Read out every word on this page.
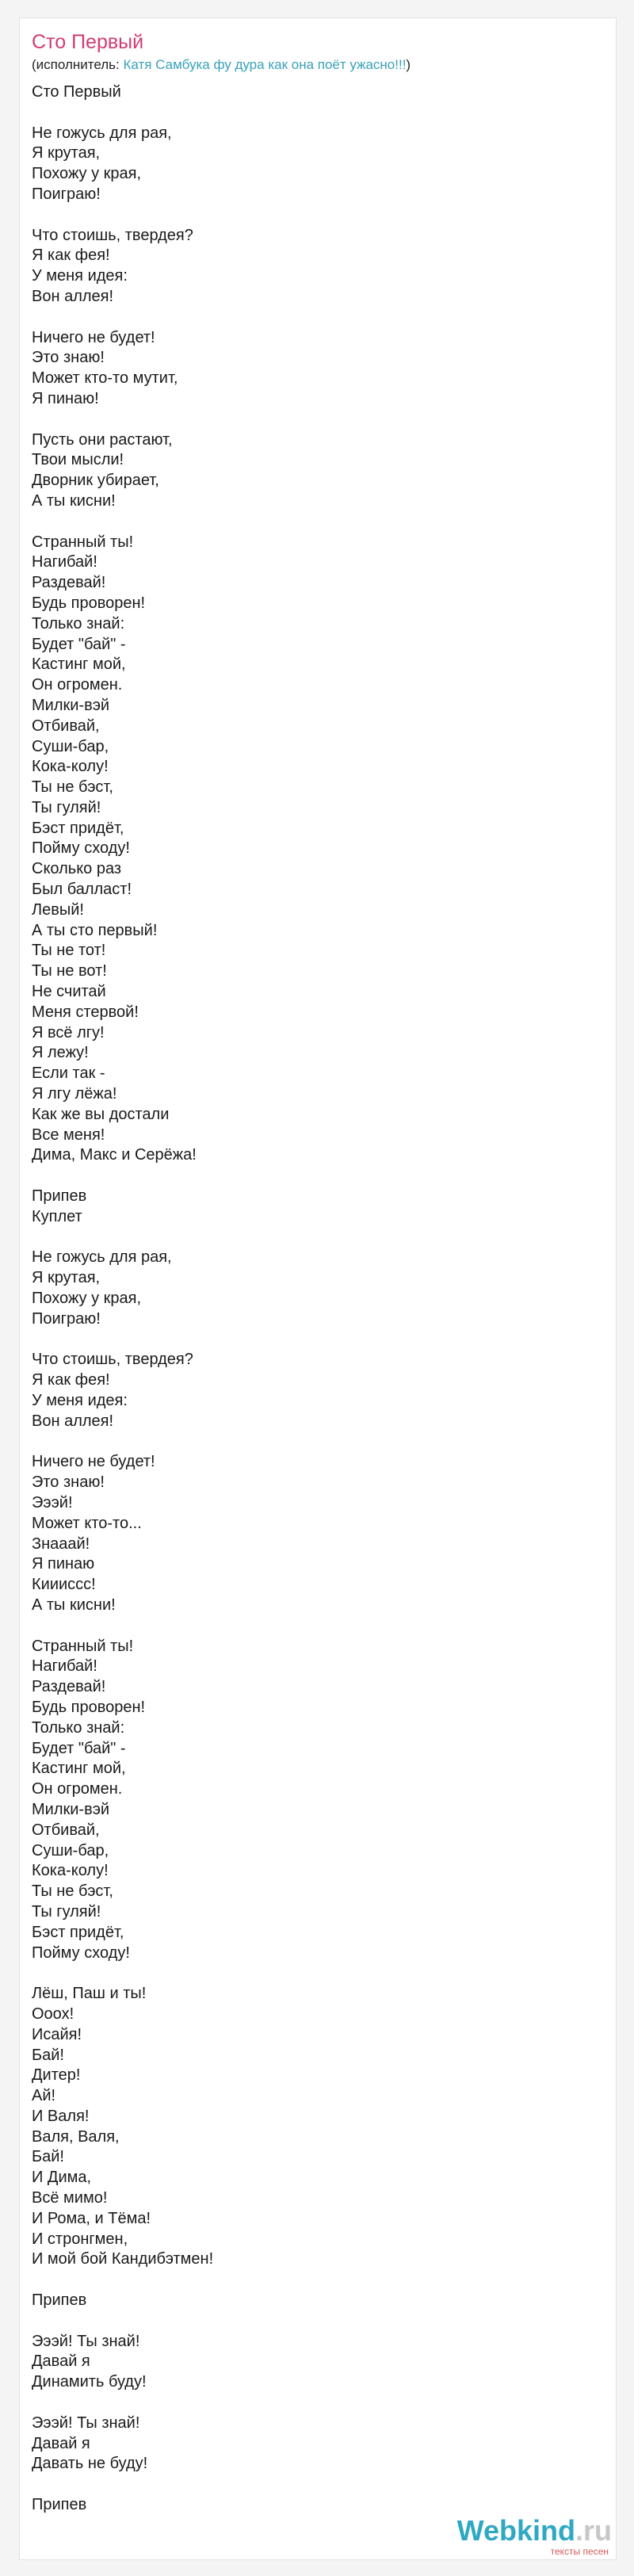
Сто Первый
(исполнитель: Катя Самбука фу дура как она поёт ужасно!!!)
Сто Первый
Не гожусь для рая,
Я крутая,
Похожу у края,
Поиграю!
Что стоишь, твердея?
Я как фея!
У меня идея:
Вон аллея!
Ничего не будет!
Это знаю!
Может кто-то мутит,
Я пинаю!
Пусть они растают,
Твои мысли!
Дворник убирает,
А ты кисни!
Странный ты!
Нагибай!
Раздевай!
Будь проворен!
Только знай:
Будет "бай" -
Кастинг мой,
Он огромен.
Милки-вэй
Отбивай,
Суши-бар,
Кока-колу!
Ты не бэст,
Ты гуляй!
Бэст придёт,
Пойму сходу!
Сколько раз
Был балласт!
Левый!
А ты сто первый!
Ты не тот!
Ты не вот!
Не считай
Меня стервой!
Я всё лгу!
Я лежу!
Если так -
Я лгу лёжа!
Как же вы достали
Все меня!
Дима, Макс и Серёжа!
Припев
Куплет
Не гожусь для рая,
Я крутая,
Похожу у края,
Поиграю!
Что стоишь, твердея?
Я как фея!
У меня идея:
Вон аллея!
Ничего не будет!
Это знаю!
Эээй!
Может кто-то...
Знааай!
Я пинаю
Кииисcс!
А ты кисни!
Странный ты!
Нагибай!
Раздевай!
Будь проворен!
Только знай:
Будет "бай" -
Кастинг мой,
Он огромен.
Милки-вэй
Отбивай,
Суши-бар,
Кока-колу!
Ты не бэст,
Ты гуляй!
Бэст придёт,
Пойму сходу!
Лёш, Паш и ты!
Ооох!
Исайя!
Бай!
Дитер!
Ай!
И Валя!
Валя, Валя,
Бай!
И Дима,
Всё мимо!
И Рома, и Тёма!
И стронгмен,
И мой бой Кандибэтмен!
Припев
Эээй! Ты знай!
Давай я
Динамить буду!
Эээй! Ты знай!
Давай я
Давать не буду!
Припев
Webkind.ru
тексты песен
